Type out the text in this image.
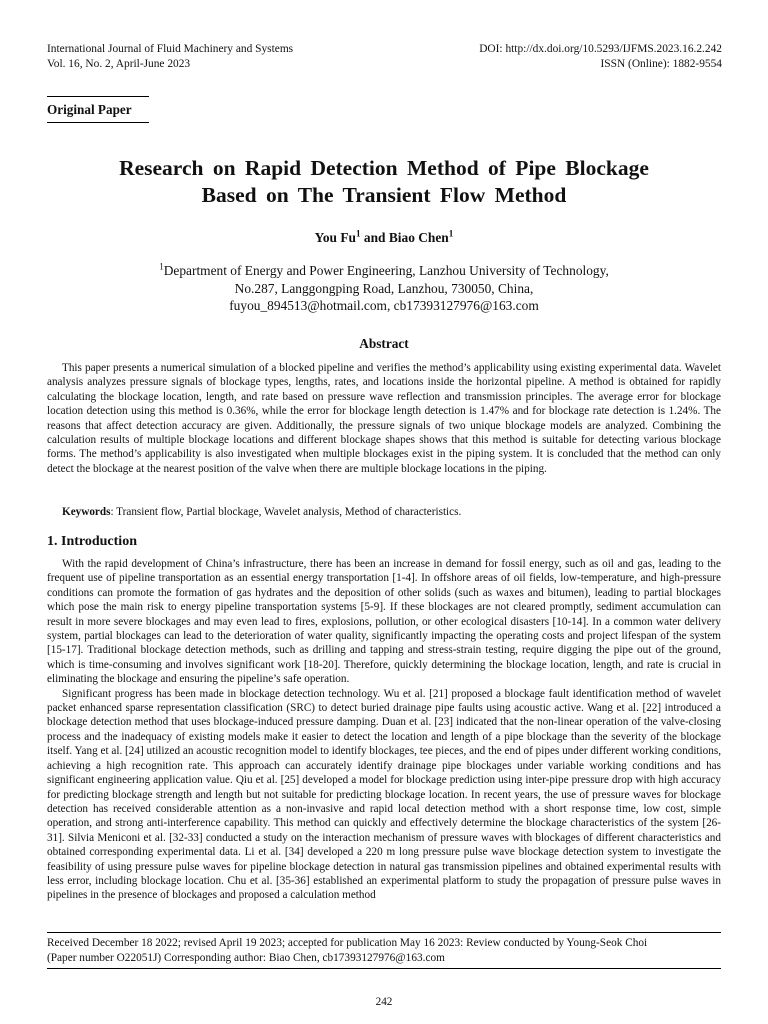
International Journal of Fluid Machinery and Systems
Vol. 16, No. 2, April-June 2023
DOI: http://dx.doi.org/10.5293/IJFMS.2023.16.2.242
ISSN (Online): 1882-9554
Original Paper
Research on Rapid Detection Method of Pipe Blockage
Based on The Transient Flow Method
You Fu$^1$ and Biao Chen$^1$
$^1$Department of Energy and Power Engineering, Lanzhou University of Technology,
No.287, Langgongping Road, Lanzhou, 730050, China,
fuyou_894513@hotmail.com, cb17393127976@163.com
Abstract

This paper presents a numerical simulation of a blocked pipeline and verifies the method’s applicability using existing experimental data. Wavelet analysis analyzes pressure signals of blockage types, lengths, rates, and locations inside the horizontal pipeline. A method is obtained for rapidly calculating the blockage location, length, and rate based on pressure wave reflection and transmission principles. The average error for blockage location detection using this method is 0.36%, while the error for blockage length detection is 1.47% and for blockage rate detection is 1.24%. The reasons that affect detection accuracy are given. Additionally, the pressure signals of two unique blockage models are analyzed. Combining the calculation results of multiple blockage locations and different blockage shapes shows that this method is suitable for detecting various blockage forms. The method’s applicability is also investigated when multiple blockages exist in the piping system. It is concluded that the method can only detect the blockage at the nearest position of the valve when there are multiple blockage locations in the piping.

Keywords: Transient flow, Partial blockage, Wavelet analysis, Method of characteristics.

1. Introduction

With the rapid development of China’s infrastructure, there has been an increase in demand for fossil energy, such as oil and gas, leading to the frequent use of pipeline transportation as an essential energy transportation [1-4]. In offshore areas of oil fields, low-temperature, and high-pressure conditions can promote the formation of gas hydrates and the deposition of other solids (such as waxes and bitumen), leading to partial blockages which pose the main risk to energy pipeline transportation systems [5-9]. If these blockages are not cleared promptly, sediment accumulation can result in more severe blockages and may even lead to fires, explosions, pollution, or other ecological disasters [10-14]. In a common water delivery system, partial blockages can lead to the deterioration of water quality, significantly impacting the operating costs and project lifespan of the system [15-17]. Traditional blockage detection methods, such as drilling and tapping and stress-strain testing, require digging the pipe out of the ground, which is time-consuming and involves significant work [18-20]. Therefore, quickly determining the blockage location, length, and rate is crucial in eliminating the blockage and ensuring the pipeline’s safe operation.

Significant progress has been made in blockage detection technology. Wu et al. [21] proposed a blockage fault identification method of wavelet packet enhanced sparse representation classification (SRC) to detect buried drainage pipe faults using acoustic active. Wang et al. [22] introduced a blockage detection method that uses blockage-induced pressure damping. Duan et al. [23] indicated that the non-linear operation of the valve-closing process and the inadequacy of existing models make it easier to detect the location and length of a pipe blockage than the severity of the blockage itself. Yang et al. [24] utilized an acoustic recognition model to identify blockages, tee pieces, and the end of pipes under different working conditions, achieving a high recognition rate. This approach can accurately identify drainage pipe blockages under variable working conditions and has significant engineering application value. Qiu et al. [25] developed a model for blockage prediction using inter-pipe pressure drop with high accuracy for predicting blockage strength and length but not suitable for predicting blockage location. In recent years, the use of pressure waves for blockage detection has received considerable attention as a non-invasive and rapid local detection method with a short response time, low cost, simple operation, and strong anti-interference capability. This method can quickly and effectively determine the blockage characteristics of the system [26-31]. Silvia Meniconi et al. [32-33] conducted a study on the interaction mechanism of pressure waves with blockages of different characteristics and obtained corresponding experimental data. Li et al. [34] developed a 220 m long pressure pulse wave blockage detection system to investigate the feasibility of using pressure pulse waves for pipeline blockage detection in natural gas transmission pipelines and obtained experimental results with less error, including blockage location. Chu et al. [35-36] established an experimental platform to study the propagation of pressure pulse waves in pipelines in the presence of blockages and proposed a calculation method

Received December 18 2022; revised April 19 2023; accepted for publication May 16 2023: Review conducted by Young-Seok Choi
(Paper number O22051J) Corresponding author: Biao Chen, cb17393127976@163.com
242
